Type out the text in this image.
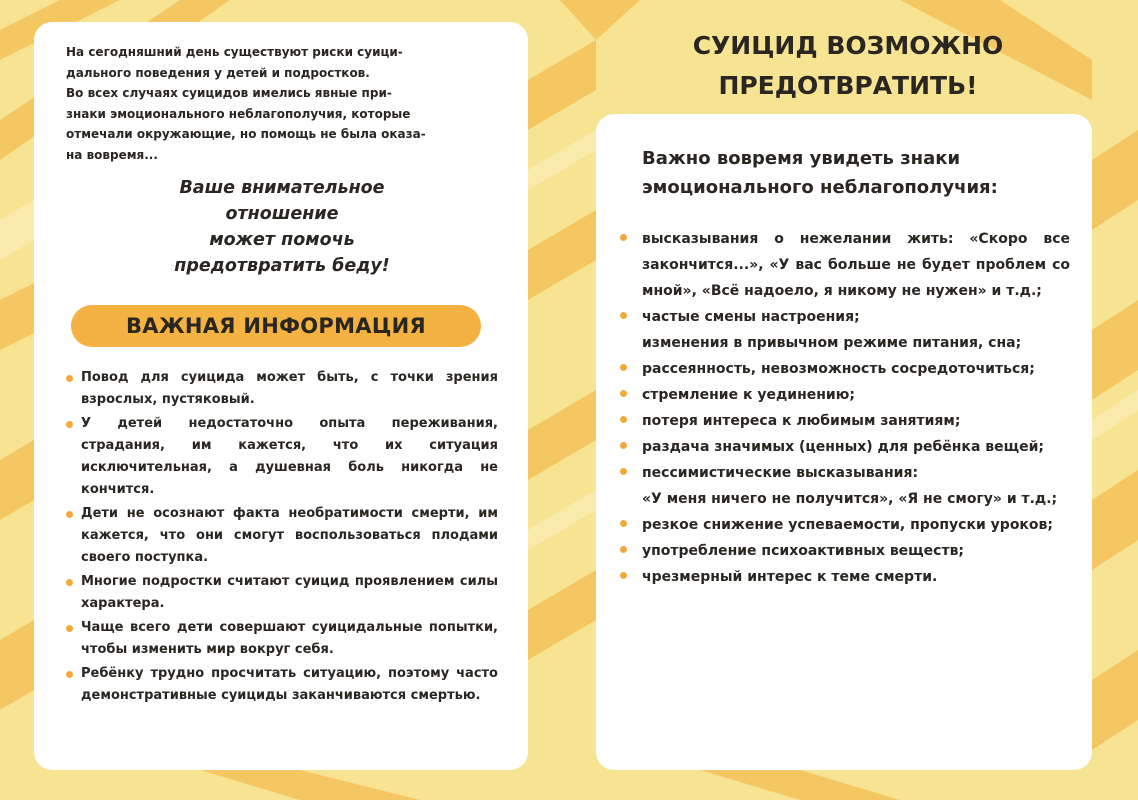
На сегодняшний день существуют риски суици-
дального поведения у детей и подростков.
Во всех случаях суицидов имелись явные при-
знаки эмоционального неблагополучия, которые
отмечали окружающие, но помощь не была оказа-
на вовремя...

Ваше внимательное
отношение
может помочь
предотвратить беду!

ВАЖНАЯ ИНФОРМАЦИЯ
Повод для суицида может быть, с точки зрения взрослых, пустяковый.
У детей недостаточно опыта переживания, страдания, им кажется, что их ситуация исключительная, а душевная боль никогда не кончится.
Дети не осознают факта необратимости смерти, им кажется, что они смогут воспользоваться плодами своего поступка.
Многие подростки считают суицид проявлением силы характера.
Чаще всего дети совершают суицидальные попытки, чтобы изменить мир вокруг себя.
Ребёнку трудно просчитать ситуацию, поэтому часто демонстративные суициды заканчиваются смертью.
СУИЦИД ВОЗМОЖНО
ПРЕДОТВРАТИТЬ!

Важно вовремя увидеть знаки
эмоционального неблагополучия:

высказывания о нежелании жить: «Скоро все закончится...», «У вас больше не будет проблем со мной», «Всё надоело, я никому не нужен» и т.д.;
частые смены настроения;
изменения в привычном режиме питания, сна;
рассеянность, невозможность сосредоточиться;
стремление к уединению;
потеря интереса к любимым занятиям;
раздача значимых (ценных) для ребёнка вещей;
пессимистические высказывания:
«У меня ничего не получится», «Я не смогу» и т.д.;
резкое снижение успеваемости, пропуски уроков;
употребление психоактивных веществ;
чрезмерный интерес к теме смерти.
